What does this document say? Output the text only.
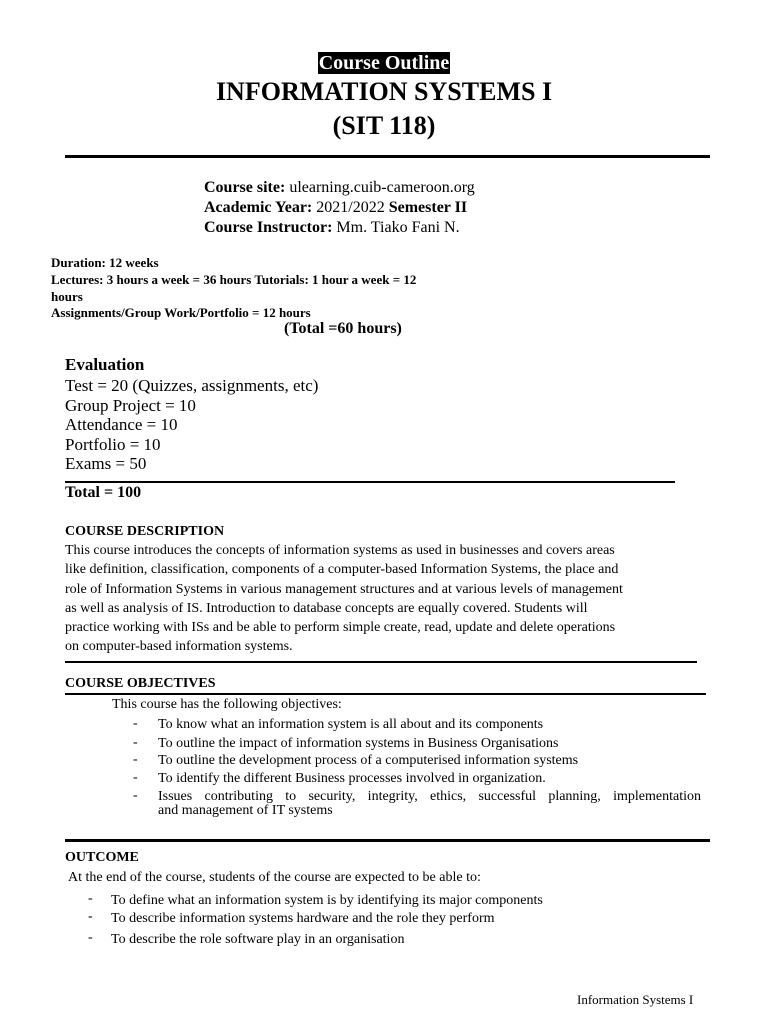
Course Outline
INFORMATION SYSTEMS I
(SIT 118)
Course site: ulearning.cuib-cameroon.org
Academic Year: 2021/2022 Semester II
Course Instructor: Mm. Tiako Fani N.
Duration: 12 weeks
Lectures: 3 hours a week = 36 hours Tutorials: 1 hour a week = 12
hours
Assignments/Group Work/Portfolio = 12 hours
(Total =60 hours)
Evaluation
Test = 20 (Quizzes, assignments, etc)
Group Project = 10
Attendance = 10
Portfolio = 10
Exams = 50
Total = 100
COURSE DESCRIPTION
This course introduces the concepts of information systems as used in businesses and covers areas
like definition, classification, components of a computer-based Information Systems, the place and
role of Information Systems in various management structures and at various levels of management
as well as analysis of IS. Introduction to database concepts are equally covered. Students will
practice working with ISs and be able to perform simple create, read, update and delete operations
on computer-based information systems.
COURSE OBJECTIVES
This course has the following objectives:
- To know what an information system is all about and its components
- To outline the impact of information systems in Business Organisations
- To outline the development process of a computerised information systems
- To identify the different Business processes involved in organization.
- Issues contributing to security, integrity, ethics, successful planning, implementation
and management of IT systems
OUTCOME
At the end of the course, students of the course are expected to be able to:
- To define what an information system is by identifying its major components
- To describe information systems hardware and the role they perform
- To describe the role software play in an organisation
Information Systems I
